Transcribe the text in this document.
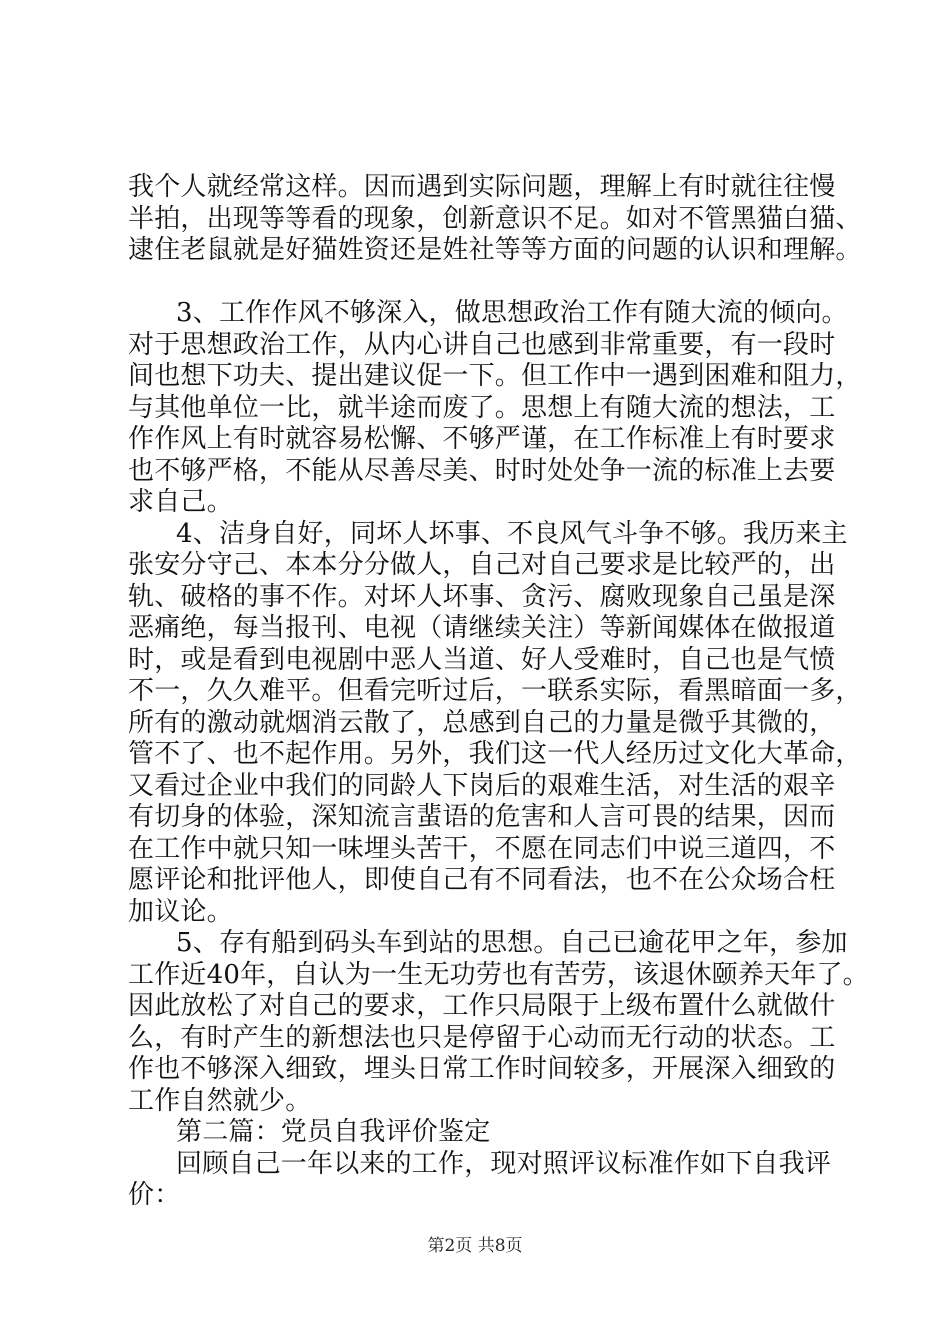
我个人就经常这样。因而遇到实际问题，理解上有时就往往慢
半拍，出现等等看的现象，创新意识不足。如对不管黑猫白猫、
逮住老鼠就是好猫姓资还是姓社等等方面的问题的认识和理解。
3、工作作风不够深入，做思想政治工作有随大流的倾向。
对于思想政治工作，从内心讲自己也感到非常重要，有一段时
间也想下功夫、提出建议促一下。但工作中一遇到困难和阻力，
与其他单位一比，就半途而废了。思想上有随大流的想法，工
作作风上有时就容易松懈、不够严谨，在工作标准上有时要求
也不够严格，不能从尽善尽美、时时处处争一流的标准上去要
求自己。
4、洁身自好，同坏人坏事、不良风气斗争不够。我历来主
张安分守己、本本分分做人，自己对自己要求是比较严的，出
轨、破格的事不作。对坏人坏事、贪污、腐败现象自己虽是深
恶痛绝，每当报刊、电视（请继续关注）等新闻媒体在做报道
时，或是看到电视剧中恶人当道、好人受难时，自己也是气愤
不一，久久难平。但看完听过后，一联系实际，看黑暗面一多，
所有的激动就烟消云散了，总感到自己的力量是微乎其微的，
管不了、也不起作用。另外，我们这一代人经历过文化大革命，
又看过企业中我们的同龄人下岗后的艰难生活，对生活的艰辛
有切身的体验，深知流言蜚语的危害和人言可畏的结果，因而
在工作中就只知一味埋头苦干，不愿在同志们中说三道四，不
愿评论和批评他人，即使自己有不同看法，也不在公众场合枉
加议论。
5、存有船到码头车到站的思想。自己已逾花甲之年，参加
工作近40年，自认为一生无功劳也有苦劳，该退休颐养天年了。
因此放松了对自己的要求，工作只局限于上级布置什么就做什
么，有时产生的新想法也只是停留于心动而无行动的状态。工
作也不够深入细致，埋头日常工作时间较多，开展深入细致的
工作自然就少。
第二篇：党员自我评价鉴定
回顾自己一年以来的工作，现对照评议标准作如下自我评
价：
第2页 共8页
